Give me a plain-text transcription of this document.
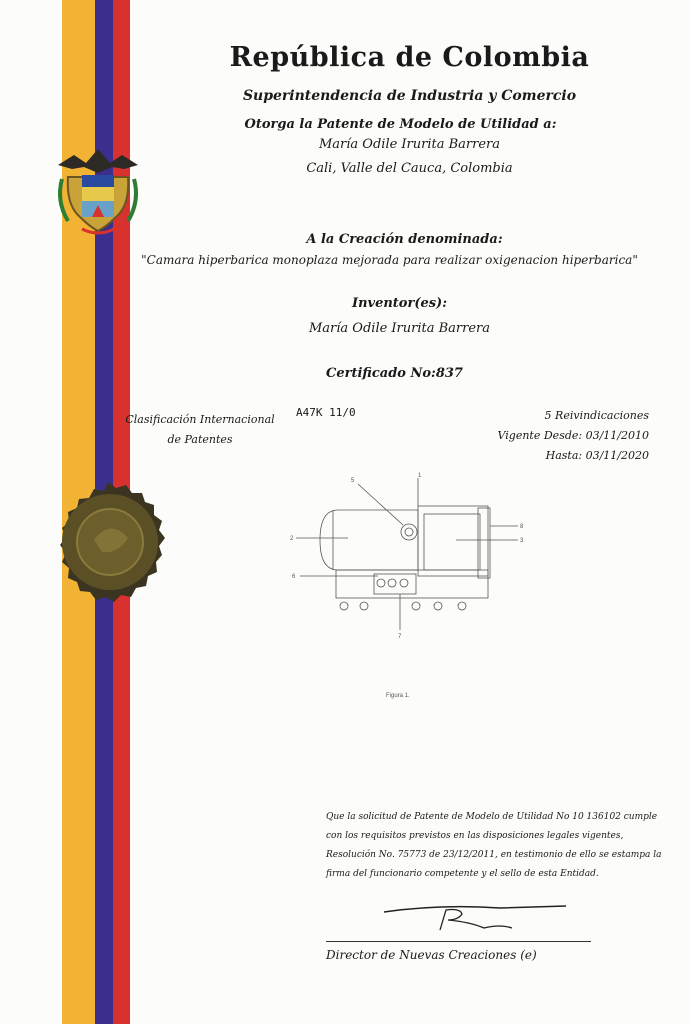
República de Colombia
Superintendencia de Industria y Comercio
Otorga la Patente de Modelo de Utilidad a:
María Odile Irurita Barrera
Cali, Valle del Cauca, Colombia
A la Creación denominada:
"Camara hiperbarica monoplaza mejorada para realizar oxigenacion hiperbarica"
Inventor(es):
María Odile Irurita Barrera
Certificado No:837
Clasificación Internacional
de Patentes
A47K 11/0	5 Reivindicaciones
Vigente Desde: 03/11/2010
Hasta: 03/11/2020
1
2	3
5
6
7
8
Figura 1.
Que la solicitud de Patente de Modelo de Utilidad No 10 136102 cumple con los requisitos previstos en las disposiciones legales vigentes, Resolución No. 75773 de 23/12/2011, en testimonio de ello se estampa la firma del funcionario competente y el sello de esta Entidad.
Director de Nuevas Creaciones (e)
